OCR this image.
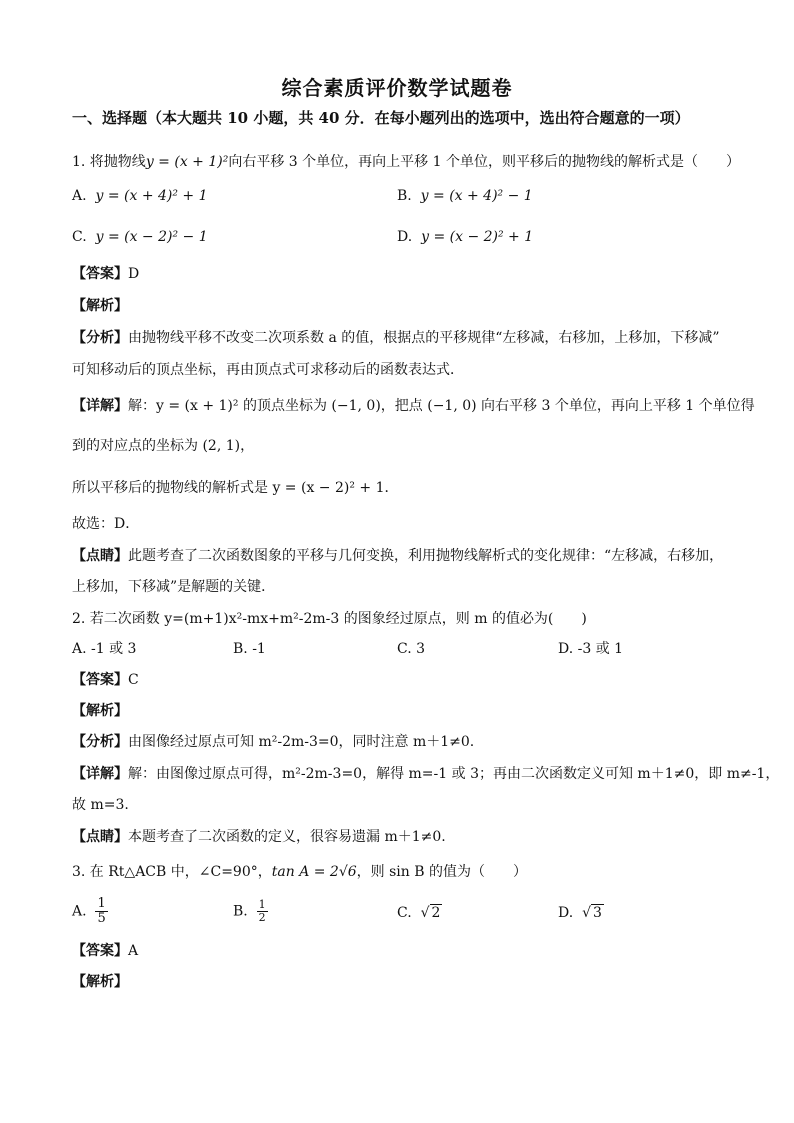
综合素质评价数学试题卷
一、选择题（本大题共 10 小题，共 40 分．在每小题列出的选项中，选出符合题意的一项）
1. 将抛物线y = (x + 1)²向右平移 3 个单位，再向上平移 1 个单位，则平移后的抛物线的解析式是（　　）
A. y = (x + 4)² + 1	B. y = (x + 4)² − 1
C. y = (x − 2)² − 1	D. y = (x − 2)² + 1
【答案】D
【解析】
【分析】由抛物线平移不改变二次项系数 a 的值，根据点的平移规律“左移减，右移加，上移加，下移减”
可知移动后的顶点坐标，再由顶点式可求移动后的函数表达式．
【详解】解：y = (x + 1)² 的顶点坐标为 (−1, 0)，把点 (−1, 0) 向右平移 3 个单位，再向上平移 1 个单位得
到的对应点的坐标为 (2, 1)，
所以平移后的抛物线的解析式是 y = (x − 2)² + 1．
故选：D．
【点睛】此题考查了二次函数图象的平移与几何变换，利用抛物线解析式的变化规律：“左移减，右移加，
上移加，下移减”是解题的关键．
2. 若二次函数 y=(m+1)x²-mx+m²-2m-3 的图象经过原点，则 m 的值必为(　　)
A. -1 或 3	B. -1	C. 3	D. -3 或 1
【答案】C
【解析】
【分析】由图像经过原点可知 m²-2m-3=0，同时注意 m＋1≠0.
【详解】解：由图像过原点可得，m²-2m-3=0，解得 m=-1 或 3；再由二次函数定义可知 m＋1≠0，即 m≠-1，
故 m=3.
【点睛】本题考查了二次函数的定义，很容易遗漏 m＋1≠0.
3. 在 Rt△ACB 中，∠C=90°，tan A = 2√6，则 sin B 的值为（　　）
A. $\frac{1}{5}$	B. $\frac{1}{2}$	C. √ 2	D. √ 3
【答案】A
【解析】
